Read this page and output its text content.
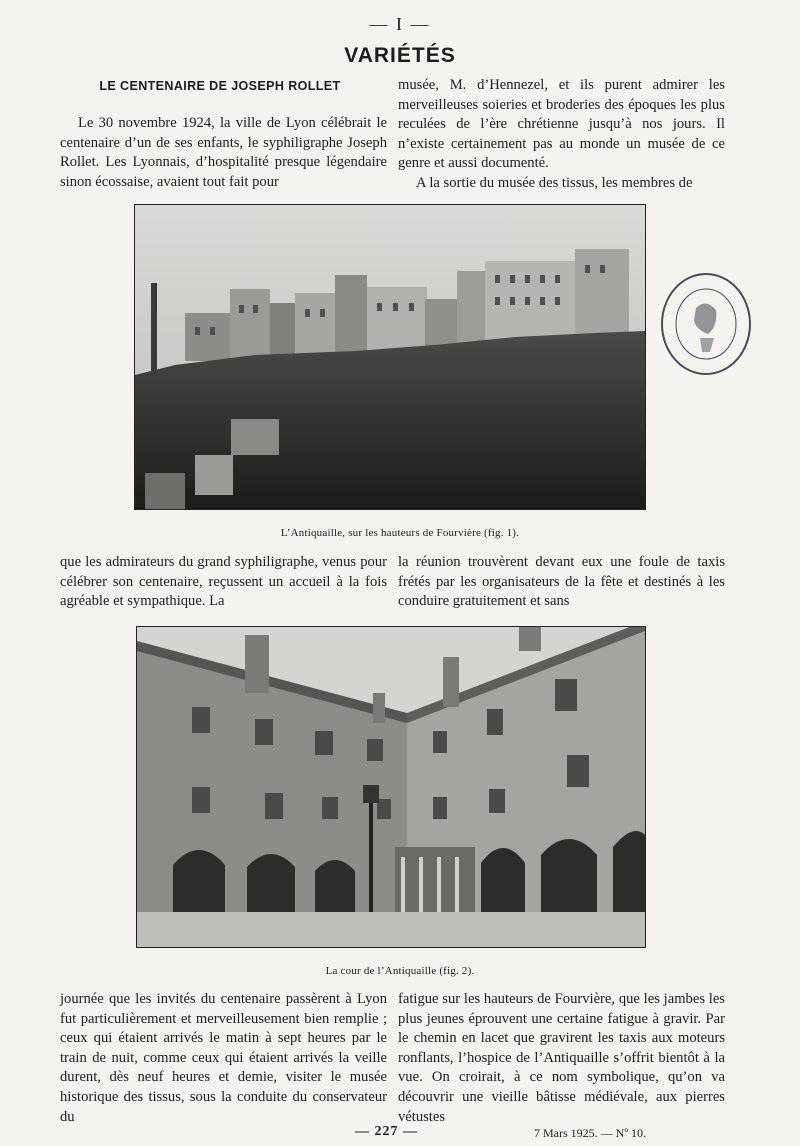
— I —
VARIÉTÉS
LE CENTENAIRE DE JOSEPH ROLLET

Le 30 novembre 1924, la ville de Lyon célébrait le centenaire d’un de ses enfants, le syphiligraphe Joseph Rollet. Les Lyonnais, d’hospitalité presque légendaire sinon écossaise, avaient tout fait pour

musée, M. d’Hennezel, et ils purent admirer les merveilleuses soieries et broderies des époques les plus reculées de l’ère chrétienne jusqu’à nos jours. Il n’existe certainement pas au monde un musée de ce genre et aussi documenté.

A la sortie du musée des tissus, les membres de

L’Antiquaille, sur les hauteurs de Fourvière (fig. 1).

que les admirateurs du grand syphiligraphe, venus pour célébrer son centenaire, reçussent un accueil à la fois agréable et sympathique. La

la réunion trouvèrent devant eux une foule de taxis frétés par les organisateurs de la fête et destinés à les conduire gratuitement et sans

La cour de l’Antiquaille (fig. 2).

journée que les invités du centenaire passèrent à Lyon fut particulièrement et merveilleusement bien remplie ; ceux qui étaient arrivés le matin à sept heures par le train de nuit, comme ceux qui étaient arrivés la veille durent, dès neuf heures et demie, visiter le musée historique des tissus, sous la conduite du conservateur du

fatigue sur les hauteurs de Fourvière, que les jambes les plus jeunes éprouvent une certaine fatigue à gravir. Par le chemin en lacet que gravirent les taxis aux moteurs ronflants, l’hospice de l’Antiquaille s’offrit bientôt à la vue. On croirait, à ce nom symbolique, qu’on va découvrir une vieille bâtisse médiévale, aux pierres vétustes

— 227 —	7 Mars 1925. — Nº 10.
